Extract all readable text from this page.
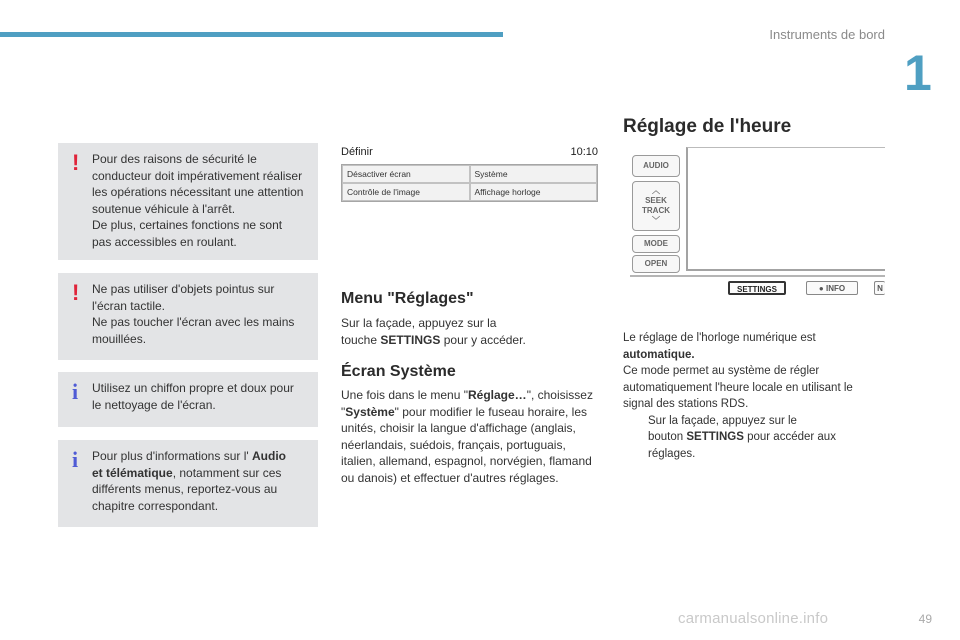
Instruments de bord
1
! Pour des raisons de sécurité le
conducteur doit impérativement réaliser
les opérations nécessitant une attention
soutenue véhicule à l'arrêt.
De plus, certaines fonctions ne sont
pas accessibles en roulant.
! Ne pas utiliser d'objets pointus sur
l'écran tactile.
Ne pas toucher l'écran avec les mains
mouillées.
i Utilisez un chiffon propre et doux pour
le nettoyage de l'écran.
i Pour plus d'informations sur l' Audio
et télématique, notamment sur ces
différents menus, reportez-vous au
chapitre correspondant.
Définir	10:10
Désactiver écran	Système
Contrôle de l'image	Affichage horloge
Menu "Réglages"
Sur la façade, appuyez sur la
touche SETTINGS pour y accéder.
Écran Système
Une fois dans le menu "Réglage…", choisissez
"Système" pour modifier le fuseau horaire, les
unités, choisir la langue d'affichage (anglais,
néerlandais, suédois, français, portuguais,
italien, allemand, espagnol, norvégien, flamand
ou danois) et effectuer d'autres réglages.
Réglage de l'heure
AUDIO
︿
SEEK
TRACK
﹀
MODE
OPEN
SETTINGS	● INFO	N
Le réglage de l'horloge numérique est
automatique.
Ce mode permet au système de régler
automatiquement l'heure locale en utilisant le
signal des stations RDS.
Sur la façade, appuyez sur le
bouton SETTINGS pour accéder aux
réglages.
49
carmanualsonline.info
